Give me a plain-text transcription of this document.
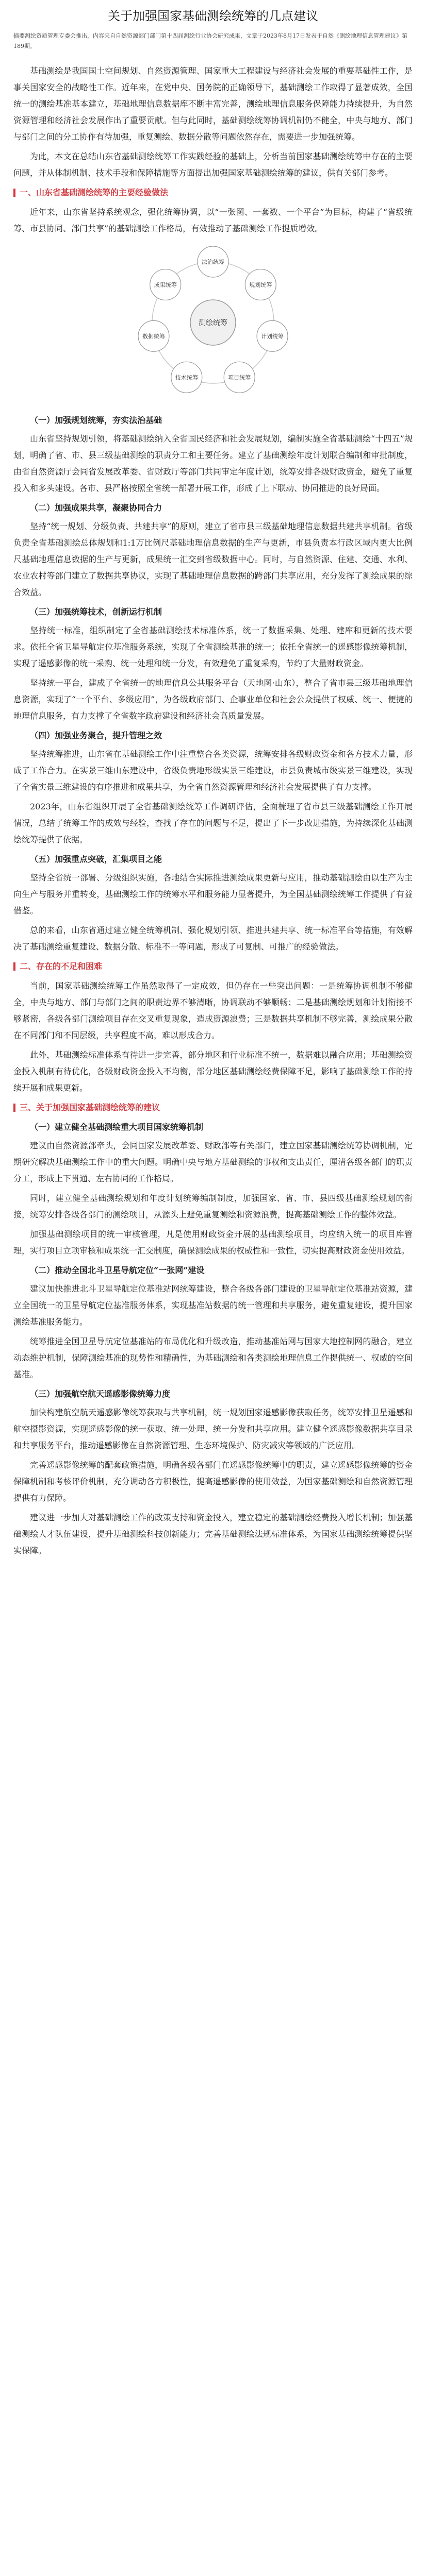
关于加强国家基础测绘统筹的几点建议

摘要测绘资质管理专委会推出，内容来自自然资源部门部门第十四届测绘行业协会研究成果，文章于2023年8月17日发表于自然《测绘地理信息管理建议》第189期。

基础测绘是我国国土空间规划、自然资源管理、国家重大工程建设与经济社会发展的重要基础性工作，是事关国家安全的战略性工作。近年来，在党中央、国务院的正确领导下，基础测绘工作取得了显著成效，全国统一的测绘基准基本建立，基础地理信息数据库不断丰富完善，测绘地理信息服务保障能力持续提升，为自然资源管理和经济社会发展作出了重要贡献。但与此同时，基础测绘统筹协调机制仍不健全，中央与地方、部门与部门之间的分工协作有待加强，重复测绘、数据分散等问题依然存在，需要进一步加强统筹。

为此，本文在总结山东省基础测绘统筹工作实践经验的基础上，分析当前国家基础测绘统筹中存在的主要问题，并从体制机制、技术手段和保障措施等方面提出加强国家基础测绘统筹的建议，供有关部门参考。

一、山东省基础测绘统筹的主要经验做法

近年来，山东省坚持系统观念，强化统筹协调，以“一张图、一套数、一个平台”为目标，构建了“省级统筹、市县协同、部门共享”的基础测绘工作格局，有效推动了基础测绘工作提质增效。

测绘统筹
法治统筹
规划统筹
计划统筹
项目统筹
技术统筹
数据统筹
成果统筹

（一）加强规划统筹，夯实法治基础

山东省坚持规划引领，将基础测绘纳入全省国民经济和社会发展规划，编制实施全省基础测绘“十四五”规划，明确了省、市、县三级基础测绘的职责分工和主要任务。建立了基础测绘年度计划联合编制和审批制度，由省自然资源厅会同省发展改革委、省财政厅等部门共同审定年度计划，统筹安排各级财政资金，避免了重复投入和多头建设。各市、县严格按照全省统一部署开展工作，形成了上下联动、协同推进的良好局面。

（二）加强成果共享，凝聚协同合力

坚持“统一规划、分级负责、共建共享”的原则，建立了省市县三级基础地理信息数据共建共享机制。省级负责全省基础测绘总体规划和1:1万比例尺基础地理信息数据的生产与更新，市县负责本行政区域内更大比例尺基础地理信息数据的生产与更新，成果统一汇交到省级数据中心。同时，与自然资源、住建、交通、水利、农业农村等部门建立了数据共享协议，实现了基础地理信息数据的跨部门共享应用，充分发挥了测绘成果的综合效益。

（三）加强统筹技术，创新运行机制

坚持统一标准，组织制定了全省基础测绘技术标准体系，统一了数据采集、处理、建库和更新的技术要求。依托全省卫星导航定位基准服务系统，实现了全省测绘基准的统一；依托全省统一的遥感影像统筹机制，实现了遥感影像的统一采购、统一处理和统一分发，有效避免了重复采购，节约了大量财政资金。

坚持统一平台，建成了全省统一的地理信息公共服务平台（天地图·山东），整合了省市县三级基础地理信息资源，实现了“一个平台、多级应用”，为各级政府部门、企事业单位和社会公众提供了权威、统一、便捷的地理信息服务，有力支撑了全省数字政府建设和经济社会高质量发展。

（四）加强业务聚合，提升管理之效

坚持统筹推进，山东省在基础测绘工作中注重整合各类资源，统筹安排各级财政资金和各方技术力量，形成了工作合力。在实景三维山东建设中，省级负责地形级实景三维建设，市县负责城市级实景三维建设，实现了全省实景三维建设的有序推进和成果共享，为全省自然资源管理和经济社会发展提供了有力支撑。

2023年，山东省组织开展了全省基础测绘统筹工作调研评估，全面梳理了省市县三级基础测绘工作开展情况，总结了统筹工作的成效与经验，查找了存在的问题与不足，提出了下一步改进措施，为持续深化基础测绘统筹提供了依据。

（五）加强重点突破，汇集项目之能

坚持全省统一部署、分级组织实施，各地结合实际推进测绘成果更新与应用，推动基础测绘由以生产为主向生产与服务并重转变，基础测绘工作的统筹水平和服务能力显著提升，为全国基础测绘统筹工作提供了有益借鉴。

总的来看，山东省通过建立健全统筹机制、强化规划引领、推进共建共享、统一标准平台等措施，有效解决了基础测绘重复建设、数据分散、标准不一等问题，形成了可复制、可推广的经验做法。

二、存在的不足和困难

当前，国家基础测绘统筹工作虽然取得了一定成效，但仍存在一些突出问题：一是统筹协调机制不够健全，中央与地方、部门与部门之间的职责边界不够清晰，协调联动不够顺畅；二是基础测绘规划和计划衔接不够紧密，各级各部门测绘项目存在交叉重复现象，造成资源浪费；三是数据共享机制不够完善，测绘成果分散在不同部门和不同层级，共享程度不高，难以形成合力。

此外，基础测绘标准体系有待进一步完善，部分地区和行业标准不统一，数据难以融合应用；基础测绘资金投入机制有待优化，各级财政资金投入不均衡，部分地区基础测绘经费保障不足，影响了基础测绘工作的持续开展和成果更新。

三、关于加强国家基础测绘统筹的建议

（一）建立健全基础测绘重大项目国家统筹机制

建议由自然资源部牵头，会同国家发展改革委、财政部等有关部门，建立国家基础测绘统筹协调机制，定期研究解决基础测绘工作中的重大问题。明确中央与地方基础测绘的事权和支出责任，厘清各级各部门的职责分工，形成上下贯通、左右协同的工作格局。

同时，建立健全基础测绘规划和年度计划统筹编制制度，加强国家、省、市、县四级基础测绘规划的衔接，统筹安排各级各部门的测绘项目，从源头上避免重复测绘和资源浪费，提高基础测绘工作的整体效益。

加强基础测绘项目的统一审核管理，凡是使用财政资金开展的基础测绘项目，均应纳入统一的项目库管理，实行项目立项审核和成果统一汇交制度，确保测绘成果的权威性和一致性，切实提高财政资金使用效益。

（二）推动全国北斗卫星导航定位“一张网”建设

建议加快推进北斗卫星导航定位基准站网统筹建设，整合各级各部门建设的卫星导航定位基准站资源，建立全国统一的卫星导航定位基准服务体系，实现基准站数据的统一管理和共享服务，避免重复建设，提升国家测绘基准服务能力。

统筹推进全国卫星导航定位基准站的布局优化和升级改造，推动基准站网与国家大地控制网的融合，建立动态维护机制，保障测绘基准的现势性和精确性，为基础测绘和各类测绘地理信息工作提供统一、权威的空间基准。

（三）加强航空航天遥感影像统筹力度

加快构建航空航天遥感影像统筹获取与共享机制，统一规划国家遥感影像获取任务，统筹安排卫星遥感和航空摄影资源，实现遥感影像的统一获取、统一处理、统一分发和共享应用。建立健全遥感影像数据共享目录和共享服务平台，推动遥感影像在自然资源管理、生态环境保护、防灾减灾等领域的广泛应用。

完善遥感影像统筹的配套政策措施，明确各级各部门在遥感影像统筹中的职责，建立遥感影像统筹的资金保障机制和考核评价机制，充分调动各方积极性，提高遥感影像的使用效益，为国家基础测绘和自然资源管理提供有力保障。

建议进一步加大对基础测绘工作的政策支持和资金投入，建立稳定的基础测绘经费投入增长机制；加强基础测绘人才队伍建设，提升基础测绘科技创新能力；完善基础测绘法规标准体系，为国家基础测绘统筹提供坚实保障。
